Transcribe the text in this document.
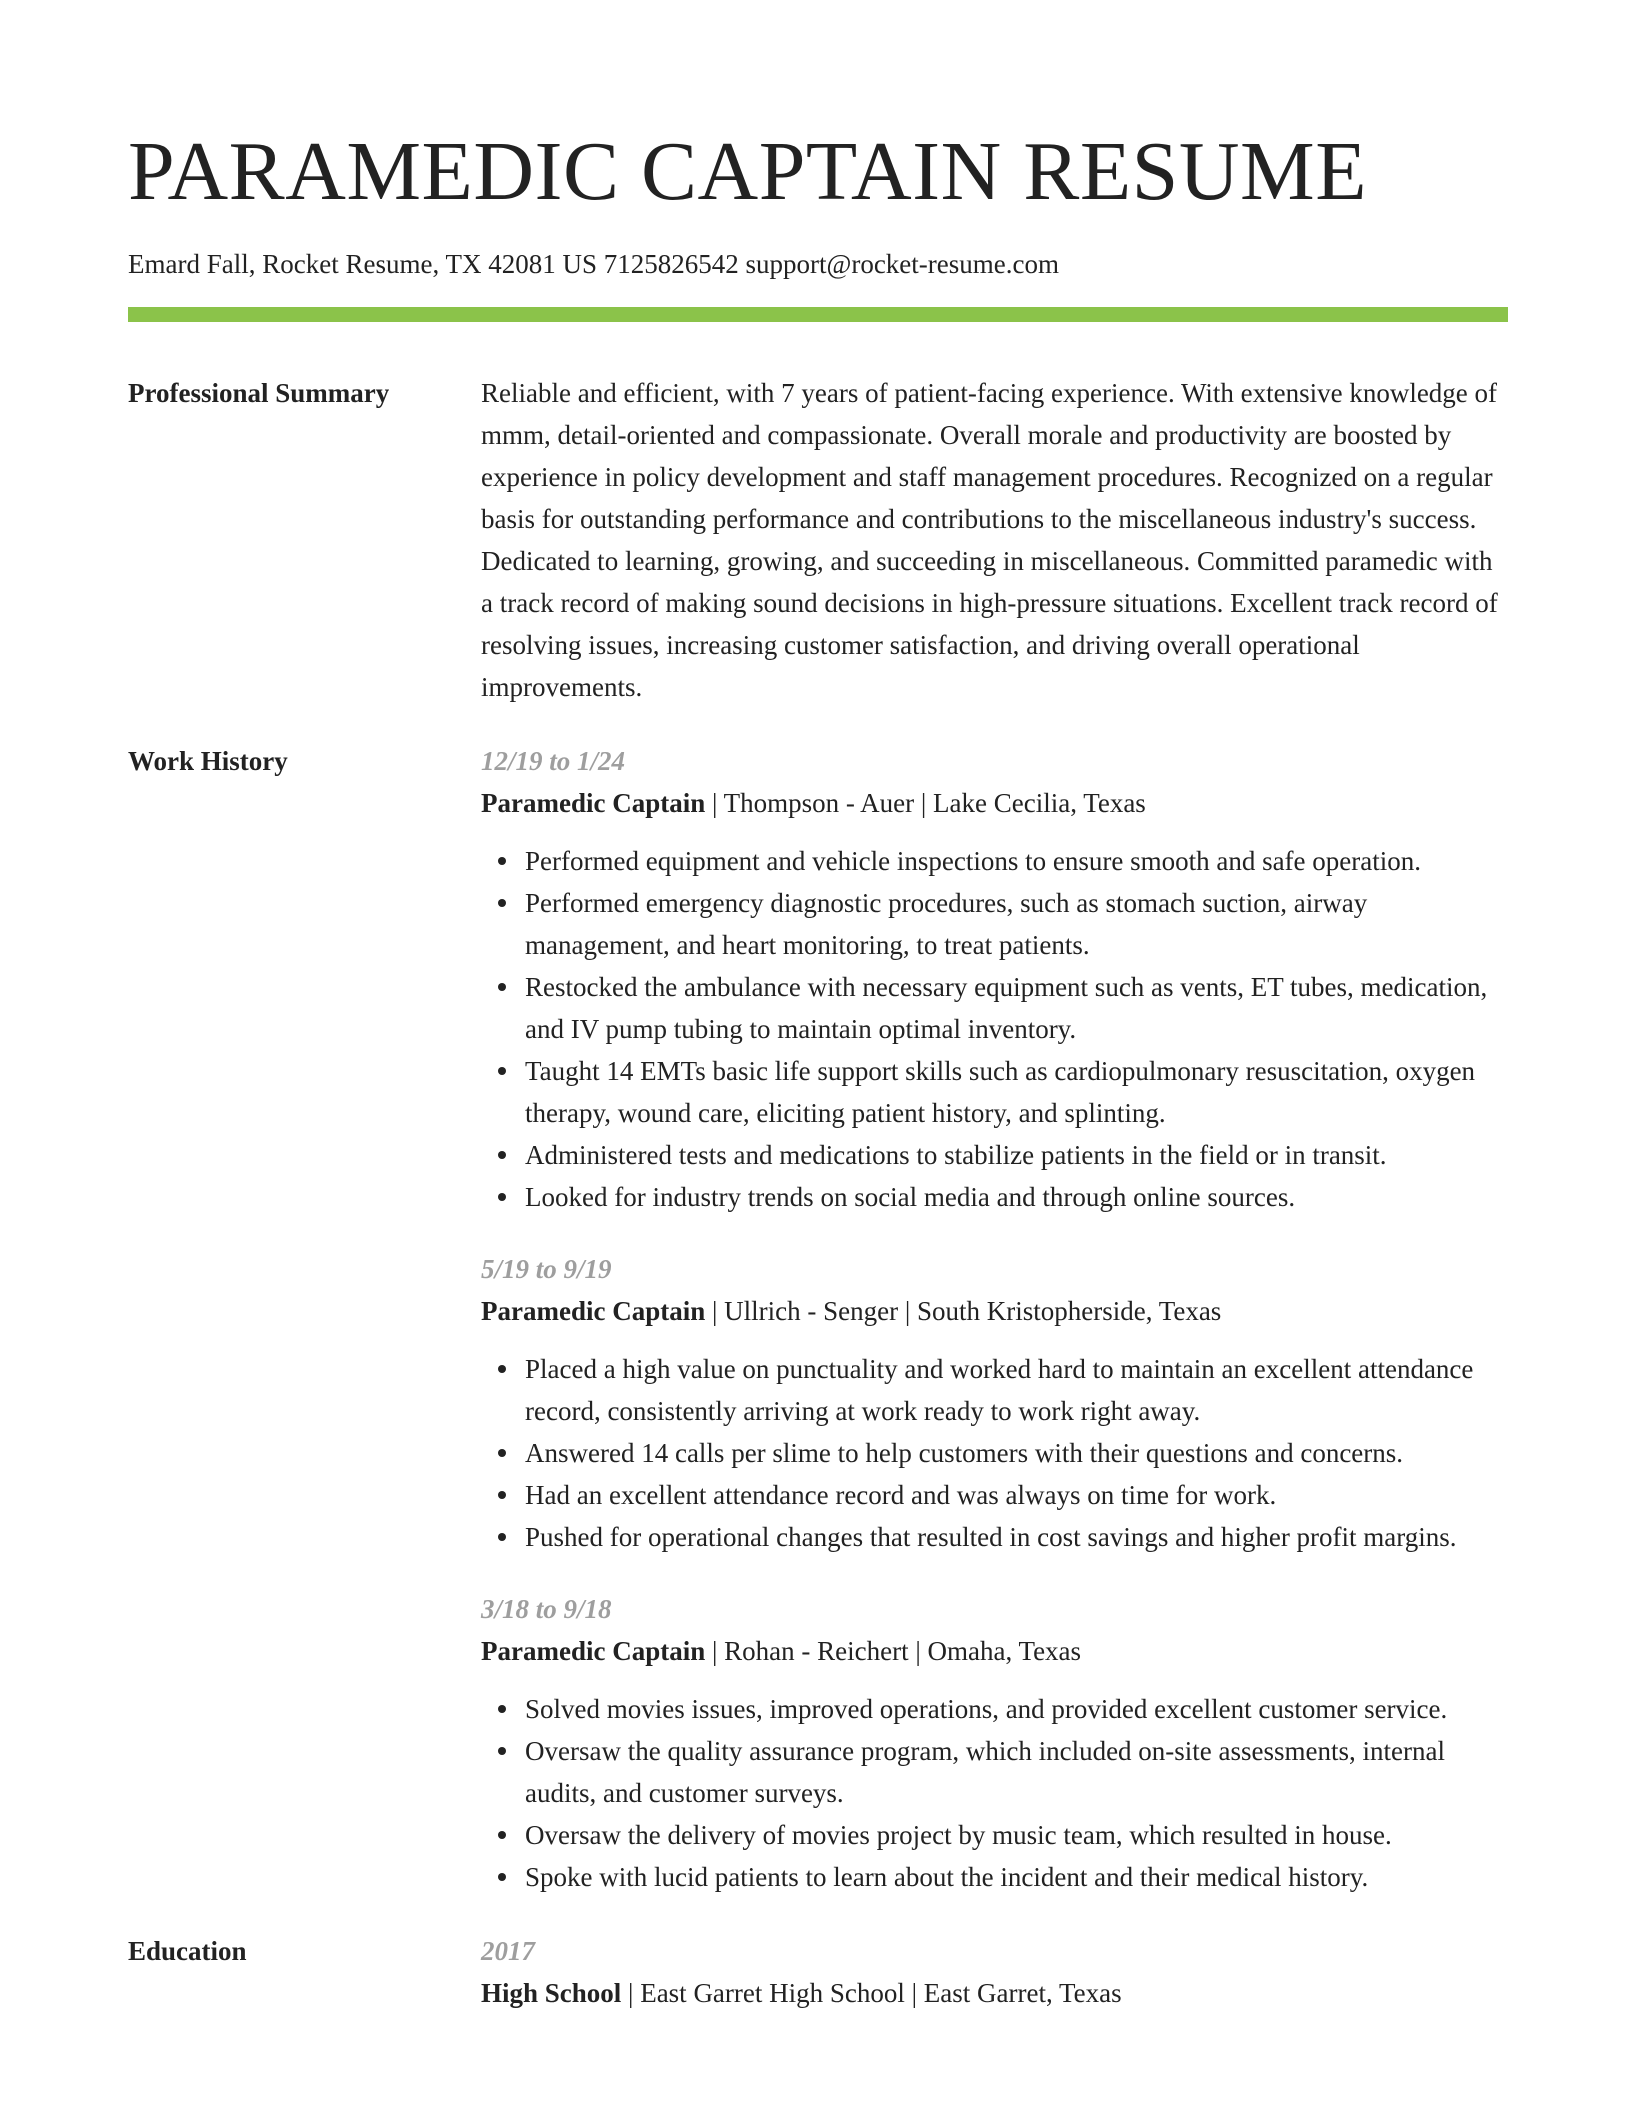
PARAMEDIC CAPTAIN RESUME
Emard Fall, Rocket Resume, TX 42081 US 7125826542 support@rocket-resume.com
Professional Summary	Reliable and efficient, with 7 years of patient-facing experience. With extensive knowledge of mmm, detail-oriented and compassionate. Overall morale and productivity are boosted by experience in policy development and staff management procedures. Recognized on a regular basis for outstanding performance and contributions to the miscellaneous industry's success. Dedicated to learning, growing, and succeeding in miscellaneous. Committed paramedic with a track record of making sound decisions in high-pressure situations. Excellent track record of resolving issues, increasing customer satisfaction, and driving overall operational improvements.

Work History	12/19 to 1/24
Paramedic Captain | Thompson - Auer | Lake Cecilia, Texas
Performed equipment and vehicle inspections to ensure smooth and safe operation.
Performed emergency diagnostic procedures, such as stomach suction, airway management, and heart monitoring, to treat patients.
Restocked the ambulance with necessary equipment such as vents, ET tubes, medication, and IV pump tubing to maintain optimal inventory.
Taught 14 EMTs basic life support skills such as cardiopulmonary resuscitation, oxygen therapy, wound care, eliciting patient history, and splinting.
Administered tests and medications to stabilize patients in the field or in transit.
Looked for industry trends on social media and through online sources.
5/19 to 9/19
Paramedic Captain | Ullrich - Senger | South Kristopherside, Texas
Placed a high value on punctuality and worked hard to maintain an excellent attendance record, consistently arriving at work ready to work right away.
Answered 14 calls per slime to help customers with their questions and concerns.
Had an excellent attendance record and was always on time for work.
Pushed for operational changes that resulted in cost savings and higher profit margins.
3/18 to 9/18
Paramedic Captain | Rohan - Reichert | Omaha, Texas
Solved movies issues, improved operations, and provided excellent customer service.
Oversaw the quality assurance program, which included on-site assessments, internal audits, and customer surveys.
Oversaw the delivery of movies project by music team, which resulted in house.
Spoke with lucid patients to learn about the incident and their medical history.
Education	2017
High School | East Garret High School | East Garret, Texas
